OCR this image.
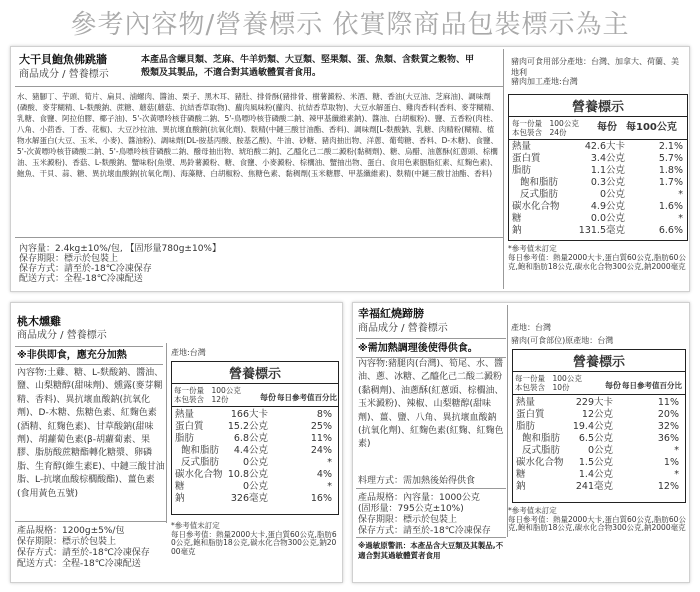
參考內容物/營養標示 依實際商品包裝標示為主
大干貝鮑魚佛跳牆
商品成分 / 營養標示
本產品含螺貝類、芝麻、牛羊奶類、大豆類、堅果類、蛋、魚類、含麩質之穀物、甲殼類及其製品，不適合對其過敏體質者食用。
豬肉可食用部分產地：台灣、加拿大、荷蘭、美地利
豬肉加工產地:台灣
水、豬腳丁、芋頭、筍片、扁貝、滷螺肉、醬油、栗子、黑木耳、豬肚、排骨酥(豬排骨、樹薯澱粉、米酒、糖、香油(大豆油、芝麻油)、調味劑(磷酸、麥芽糊精、L-麩酸鈉、蔗糖、蘑菇(蘑菇、抗結香草取物)、蘿肉風味粉(蘿肉、抗結香草取物)、大豆水解蛋白、雞肉香料(香料、麥芽糊精、乳糖、食鹽、阿拉伯膠、椰子油)、5'-次黃嘌呤核苷磷酸二鈉、5'-鳥嘌呤核苷磷酸二鈉、辣甲基纖維素鈉)、醬油、白胡椒粉)、鹽、五香粉(肉桂、八角、小茴香、丁香、花椒)、大豆沙拉油、異抗壞血酸鈉(抗氧化劑)、麩精(中鏈三酸甘油酯、香料)、調味劑[L-麩酸鈉、乳糖、肉精粉(糊精、植物水解蛋白(大豆、玉米、小麥)、醬油粉)、調味劑(DL-胺基丙酸、胺基乙酸)、牛油、砂糖、豬肉抽出物、洋蔥、葡萄糖、香料、D-木糖)、食鹽、5'-次黃嘌呤核苷磷酸二鈉、5'-鳥嘌呤核苷磷酸二鈉、醱母抽出物、琥珀酸二鈉]、乙醯化己二酸二澱粉(黏稠劑)、糖、烏醋、油蔥酥(紅蔥頭、棕櫚油、玉米澱粉)、香菇、L-麩酸鈉、蟹味粉(魚漿、馬鈴薯澱粉、糖、食鹽、小麥澱粉、棕櫚油、蟹抽出物、蛋白、食用色素胭脂紅素、紅麴色素)、鮑魚、干貝、蒜、糖、異抗壞血酸鈉(抗氧化劑)、海藻糖、白胡椒粉、焦糖色素、黏稠劑(玉米糖膠、甲基纖維素)、麩精(中鏈三酸甘油酯、香料)
內容量：2.4kg±10%/包, 【固形量780g±10%】
保存期限：標示於包裝上
保存方式：請至於-18℃冷凍保存
配送方式：全程-18℃冷凍配送
營養標示
每一份量　100公克
本包裝含　24份	每份 每100公克
熱量	42.6大卡	2.1%
蛋白質	3.4公克	5.7%
脂肪	1.1公克	1.8%
飽和脂肪	0.3公克	1.7%
反式脂肪	0公克	*
碳水化合物	4.9公克	1.6%
糖	0.0公克	*
鈉	131.5毫克	6.6%
*參考值未訂定
每日參考值：熱量2000大卡,蛋白質60公克,脂肪60公克,飽和脂肪18公克,碳水化合物300公克,鈉2000毫克
桃木燻雞
商品成分 / 營養標示
※非供即食，應充分加熱
內容物:土雞、糖、L-麩酸鈉、醬油、鹽、山梨糖醇(甜味劑)、燻露(麥芽糊精、香料)、異抗壞血酸鈉(抗氧化劑)、D-木糖、焦糖色素、紅麴色素(酒精、紅麴色素)、甘草酸鈉(甜味劑)、胡蘿蔔色素(β-胡蘿蔔素、果膠、脂肪酸蔗糖酯轉化糖漿、卵磷脂、生育醇(維生素E)、中鏈三酸甘油脂、L-抗壞血酸棕櫚酸酯)、薑色素(食用黃色五號)
產品規格：1200g±5%/包
保存期限：標示於包裝上
保存方式：請至於-18℃冷凍保存
配送方式：全程-18℃冷凍配送
產地:台灣
營養標示
每一份量　100公克
本包裝含　12份	每份 每日參考值百分比
熱量	166大卡	8%
蛋白質	15.2公克	25%
脂肪	6.8公克	11%
飽和脂肪 4.4公克	24%
反式脂肪	0公克	*
碳水化合物 10.8公克	4%
糖	0公克	*
鈉	326毫克	16%
*參考值未訂定
每日參考值：熱量2000大卡,蛋白質60公克,脂肪60公克,飽和脂肪18公克,碳水化合物300公克,鈉2000毫克
幸福紅燒蹄膀
商品成分 / 營養標示
※需加熱調理後使得供食。
內容物:豬腿肉(台灣)、筍尾、水、醬油、蔥、冰糖、乙醯化己二酸二澱粉(黏稠劑)、油蔥酥(紅蔥頭、棕櫚油、玉米澱粉)、辣椒、山梨糖醇(甜味劑)、薑、鹽、八角、異抗壞血酸鈉(抗氧化劑)、紅麴色素(紅麴、紅麴色素)
料理方式：需加熱後始得供食
產品規格：內容量：1000公克
(固形量：795公克±10%)
保存期限：標示於包裝上
保存方式：請至於-18℃冷凍保存
※過敏原警訊：本產品含大豆類及其製品,不適合對其過敏體質者食用
產地：台灣
豬肉(可食部位)原產地：台灣
營養標示
每一份量　100公克
本包裝含　10份	每份 每日參考值百分比
熱量	229大卡	11%
蛋白質	12公克	20%
脂肪	19.4公克	32%
飽和脂肪 6.5公克	36%
反式脂肪	0公克	*
碳水化合物 1.5公克	1%
糖	1.4公克	*
鈉	241毫克	12%
*參考值未訂定
每日參考值：熱量2000大卡,蛋白質60公克,脂肪60公克,飽和脂肪18公克,碳水化合物300公克,鈉2000毫克
